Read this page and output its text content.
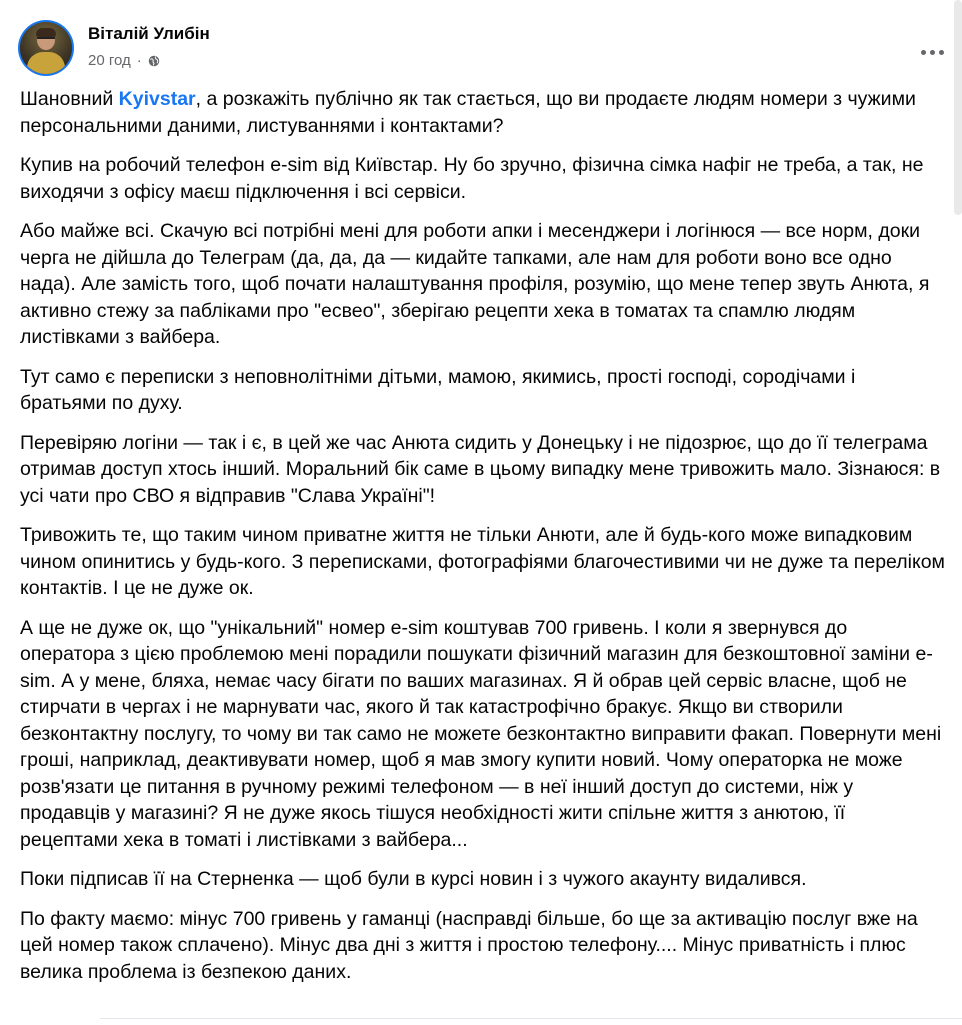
Віталій Улибін
20 год ·

Шановний Kyivstar, а розкажіть публічно як так стається, що ви продаєте людям номери з чужими персональними даними, листуваннями і контактами?

Купив на робочий телефон e-sim від Київстар. Ну бо зручно, фізична сімка нафіг не треба, а так, не виходячи з офісу маєш підключення і всі сервіси.

Або майже всі. Скачую всі потрібні мені для роботи апки і месенджери і логінюся — все норм, доки черга не дійшла до Телеграм (да, да, да — кидайте тапками, але нам для роботи воно все одно нада). Але замість того, щоб почати налаштування профіля, розумію, що мене тепер звуть Анюта, я активно стежу за пабліками про "есвео", зберігаю рецепти хека в томатах та спамлю людям листівками з вайбера.

Тут само є переписки з неповнолітніми дітьми, мамою, якимись, прості господі, сородічами і братьями по духу.

Перевіряю логіни — так і є, в цей же час Анюта сидить у Донецьку і не підозрює, що до її телеграма отримав доступ хтось інший. Моральний бік саме в цьому випадку мене тривожить мало. Зізнаюся: в усі чати про СВО я відправив "Слава Україні"!

Тривожить те, що таким чином приватне життя не тільки Анюти, але й будь-кого може випадковим чином опинитись у будь-кого. З переписками, фотографіями благочестивими чи не дуже та переліком контактів. І це не дуже ок.

А ще не дуже ок, що "унікальний" номер e-sim коштував 700 гривень. І коли я звернувся до оператора з цією проблемою мені порадили пошукати фізичний магазин для безкоштовної заміни e-sim. А у мене, бляха, немає часу бігати по ваших магазинах. Я й обрав цей сервіс власне, щоб не стирчати в чергах і не марнувати час, якого й так катастрофічно бракує. Якщо ви створили безконтактну послугу, то чому ви так само не можете безконтактно виправити факап. Повернути мені гроші, наприклад, деактивувати номер, щоб я мав змогу купити новий. Чому операторка не може розв'язати це питання в ручному режимі телефоном — в неї інший доступ до системи, ніж у продавців у магазині? Я не дуже якось тішуся необхідності жити спільне життя з анютою, її рецептами хека в томаті і листівками з вайбера...

Поки підписав її на Стерненка — щоб були в курсі новин і з чужого акаунту видалився.

По факту маємо: мінус 700 гривень у гаманці (насправді більше, бо ще за активацію послуг вже на цей номер також сплачено). Мінус два дні з життя і простою телефону.... Мінус приватність і плюс велика проблема із безпекою даних.
